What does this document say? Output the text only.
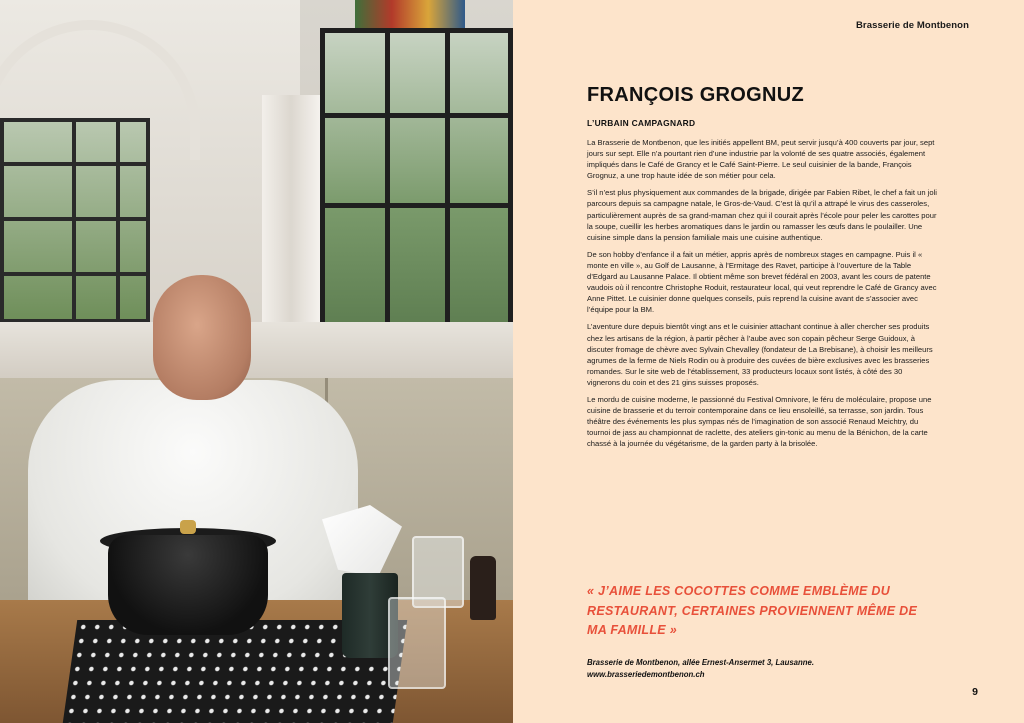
Brasserie de Montbenon
FRANÇOIS GROGNUZ
L’URBAIN CAMPAGNARD

La Brasserie de Montbenon, que les initiés appellent BM, peut servir jusqu’à 400 couverts par jour, sept jours sur sept. Elle n’a pourtant rien d’une industrie par la volonté de ses quatre associés, également impliqués dans le Café de Grancy et le Café Saint-Pierre. Le seul cuisinier de la bande, François Grognuz, a une trop haute idée de son métier pour cela.

S’il n’est plus physiquement aux commandes de la brigade, dirigée par Fabien Ribet, le chef a fait un joli parcours depuis sa campagne natale, le Gros-de-Vaud. C’est là qu’il a attrapé le virus des casseroles, particulièrement auprès de sa grand-maman chez qui il courait après l’école pour peler les carottes pour la soupe, cueillir les herbes aromatiques dans le jardin ou ramasser les œufs dans le poulailler. Une cuisine simple dans la pension familiale mais une cuisine authentique.

De son hobby d’enfance il a fait un métier, appris après de nombreux stages en campagne. Puis il « monte en ville », au Golf de Lausanne, à l’Ermitage des Ravet, participe à l’ouverture de la Table d’Edgard au Lausanne Palace. Il obtient même son brevet fédéral en 2003, avant les cours de patente vaudois où il rencontre Christophe Roduit, restaurateur local, qui veut reprendre le Café de Grancy avec Anne Pittet. Le cuisinier donne quelques conseils, puis reprend la cuisine avant de s’associer avec l’équipe pour la BM.

L’aventure dure depuis bientôt vingt ans et le cuisinier attachant continue à aller chercher ses produits chez les artisans de la région, à partir pêcher à l’aube avec son copain pêcheur Serge Guidoux, à discuter fromage de chèvre avec Sylvain Chevalley (fondateur de La Brebisane), à choisir les meilleurs agrumes de la ferme de Niels Rodin ou à produire des cuvées de bière exclusives avec les brasseries romandes. Sur le site web de l’établissement, 33 producteurs locaux sont listés, à côté des 30 vignerons du coin et des 21 gins suisses proposés.

Le mordu de cuisine moderne, le passionné du Festival Omnivore, le féru de moléculaire, propose une cuisine de brasserie et du terroir contemporaine dans ce lieu ensoleillé, sa terrasse, son jardin. Tous théâtre des événements les plus sympas nés de l’imagination de son associé Renaud Meichtry, du tournoi de jass au championnat de raclette, des ateliers gin-tonic au menu de la Bénichon, de la carte chassé à la journée du végétarisme, de la garden party à la brisolée.

« J’AIME LES COCOTTES COMME EMBLÈME DU RESTAURANT, CERTAINES PROVIENNENT MÊME DE MA FAMILLE »

Brasserie de Montbenon, allée Ernest-Ansermet 3, Lausanne.
www.brasseriedemontbenon.ch
9
